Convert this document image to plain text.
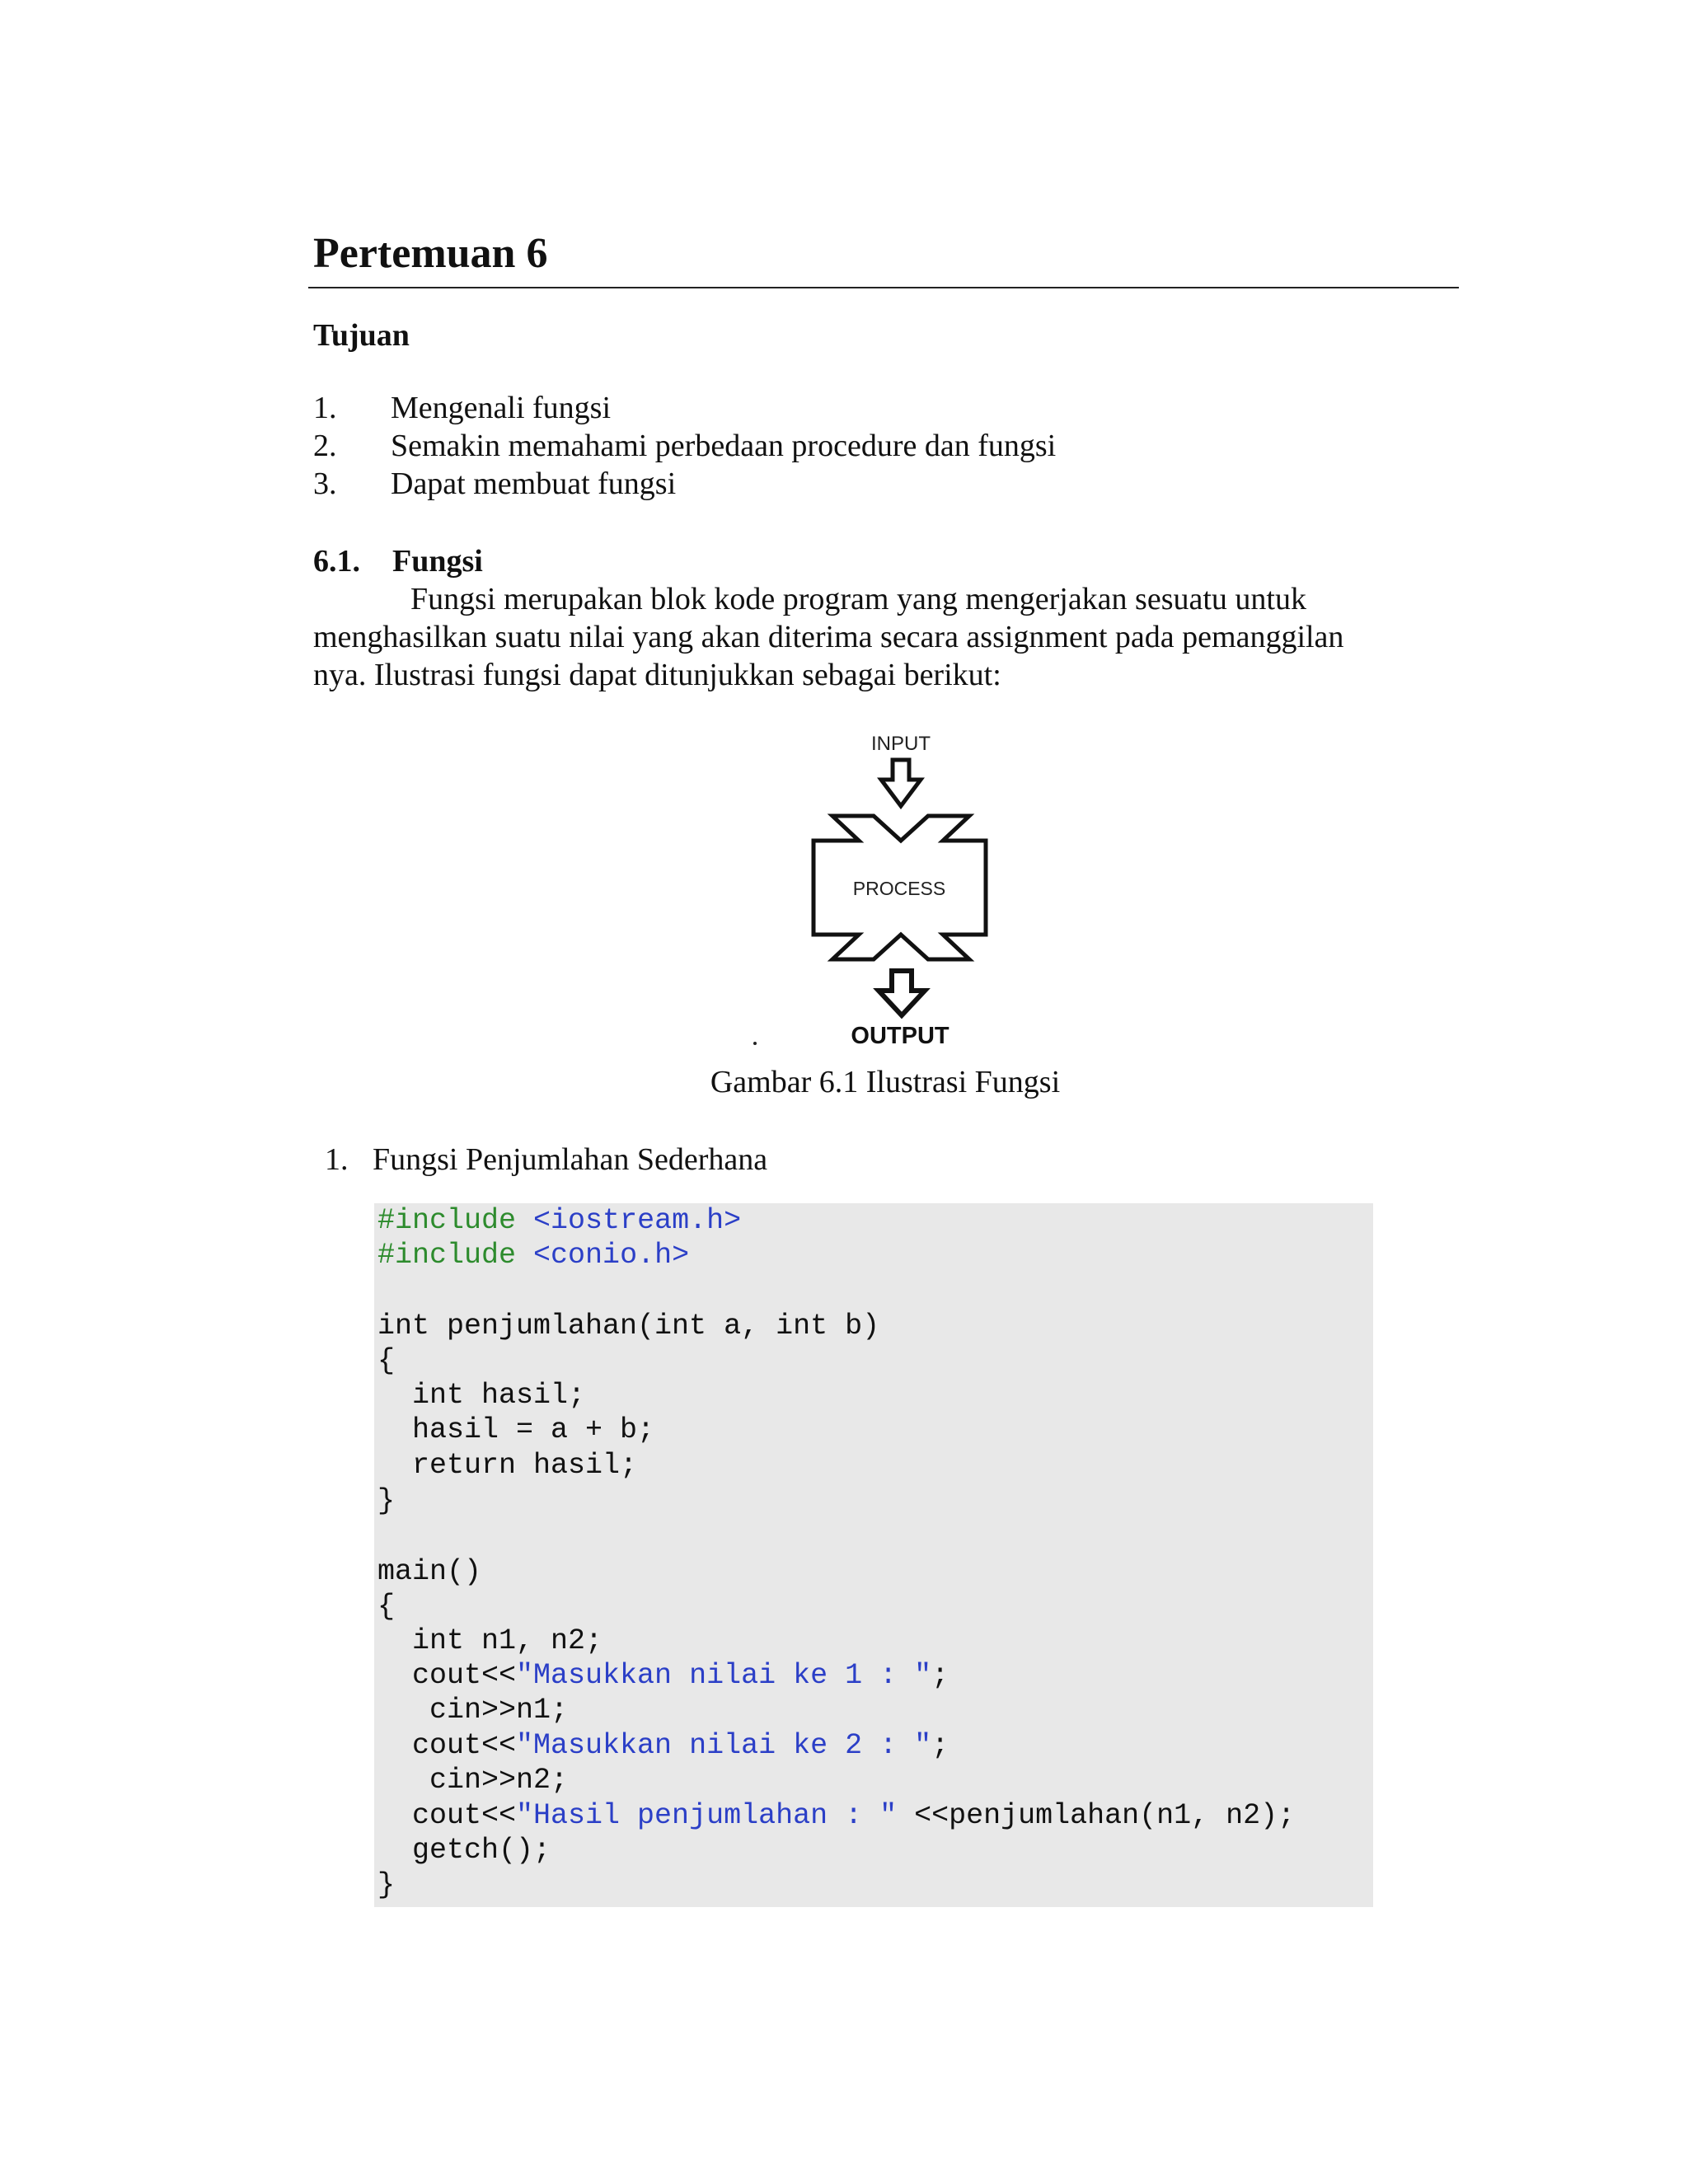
Pertemuan 6
Tujuan
1. Mengenali fungsi
2. Semakin memahami perbedaan procedure dan fungsi
3. Dapat membuat fungsi
6.1. Fungsi
Fungsi merupakan blok kode program yang mengerjakan sesuatu untuk
menghasilkan suatu nilai yang akan diterima secara assignment pada pemanggilan
nya. Ilustrasi fungsi dapat ditunjukkan sebagai berikut:
INPUT
PROCESS
OUTPUT
Gambar 6.1 Ilustrasi Fungsi
1. Fungsi Penjumlahan Sederhana
#include <iostream.h>
#include <conio.h>
int penjumlahan(int a, int b)
{
int hasil;
hasil = a + b;
return hasil;
}
main()
{
int n1, n2;
cout<<"Masukkan nilai ke 1 : ";
cin>>n1;
cout<<"Masukkan nilai ke 2 : ";
cin>>n2;
cout<<"Hasil penjumlahan : " <<penjumlahan(n1, n2);
getch();
}
